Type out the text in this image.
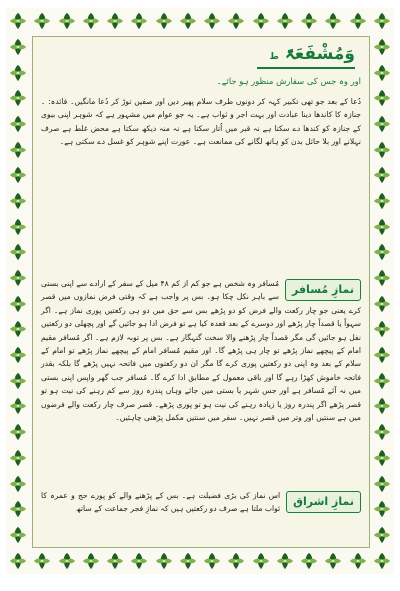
وَمُشْفَعَۃً
ط
اور وہ جس کی سفارش منظور ہو جائے۔
دُعا کے بعد جو تھی تکبیر کہہ کر دونوں طرف سلام پھیر دیں اور صفیں توڑ کر دُعا مانگیں۔ فائدہ: ۔ جنازہ کا کاندھا دینا عبادت اور بہت اجر و ثواب ہے۔ یہ جو عوام میں مشہور ہے کہ شوہر اپنی بیوی کے جنازہ کو کندھا دے سکتا ہے نہ قبر میں اُتار سکتا ہے نہ منہ دیکھ سکتا ہے محض غلط ہے صرف نہلانے اور بلا حائل بدن کو ہاتھ لگانے کی ممانعت ہے۔ عورت اپنے شوہر کو غسل دے سکتی ہے۔
نمازِ مُسافر
مُسافر وہ شخص ہے جو کم از کم ۴۸ میل کے سفر کے ارادے سے اپنی بستی سے باہر نکل چکا ہو۔ بس پر واجب ہے کہ وقتی فرض نمازوں میں قصر کرے یعنی جو چار رکعت والے فرض کو دو پڑھے بس سے حق میں دو ہی رکعتیں پوری نماز ہے۔ اگر سہواً یا قصداً چار پڑھے اور دوسرے کے بعد قعدہ کیا ہے تو فرض ادا ہو جائیں گے اور پچھلی دو رکعتیں نفل ہو جائیں گی مگر قصداً چار پڑھنے والا سخت گنہگار ہے۔ بس پر توبہ لازم ہے۔ اگر مُسافر مقیم امام کے پیچھے نماز پڑھے تو چار ہی پڑھے گا۔ اور مقیم مُسافر امام کے پیچھے نماز پڑھے تو امام کے سلام کے بعد وہ اپنی دو رکعتیں پوری کرے گا مگر ان دو رکعتوں میں فاتحہ نہیں پڑھے گا بلکہ بقدر فاتحہ خاموش کھڑا رہے گا اور باقی معمول کے مطابق ادا کرے گا۔ مُسافر جب گھر واپس اپنی بستی میں نہ آئے مُسافر ہے اور جس شہر یا بستی میں جائے وہاں پندرہ روز سے کم رہنے کی نیت ہو تو قصر پڑھے اگر پندرہ روز یا زیادہ رہنے کی نیت ہو تو پوری پڑھے۔ قصر صرف چار رکعت والے فرضوں میں ہے سنتیں اور وتر میں قصر نہیں۔ سفر میں سنتیں مکمل پڑھنی چاہئیں۔
نمازِ اشراق
اس نماز کی بڑی فضیلت ہے۔ بس کے پڑھنے والے کو پورے حج و عمرہ کا ثواب ملتا ہے صرف دو رکعتیں ہیں کہ نمازِ فجر جماعت کے ساتھ
